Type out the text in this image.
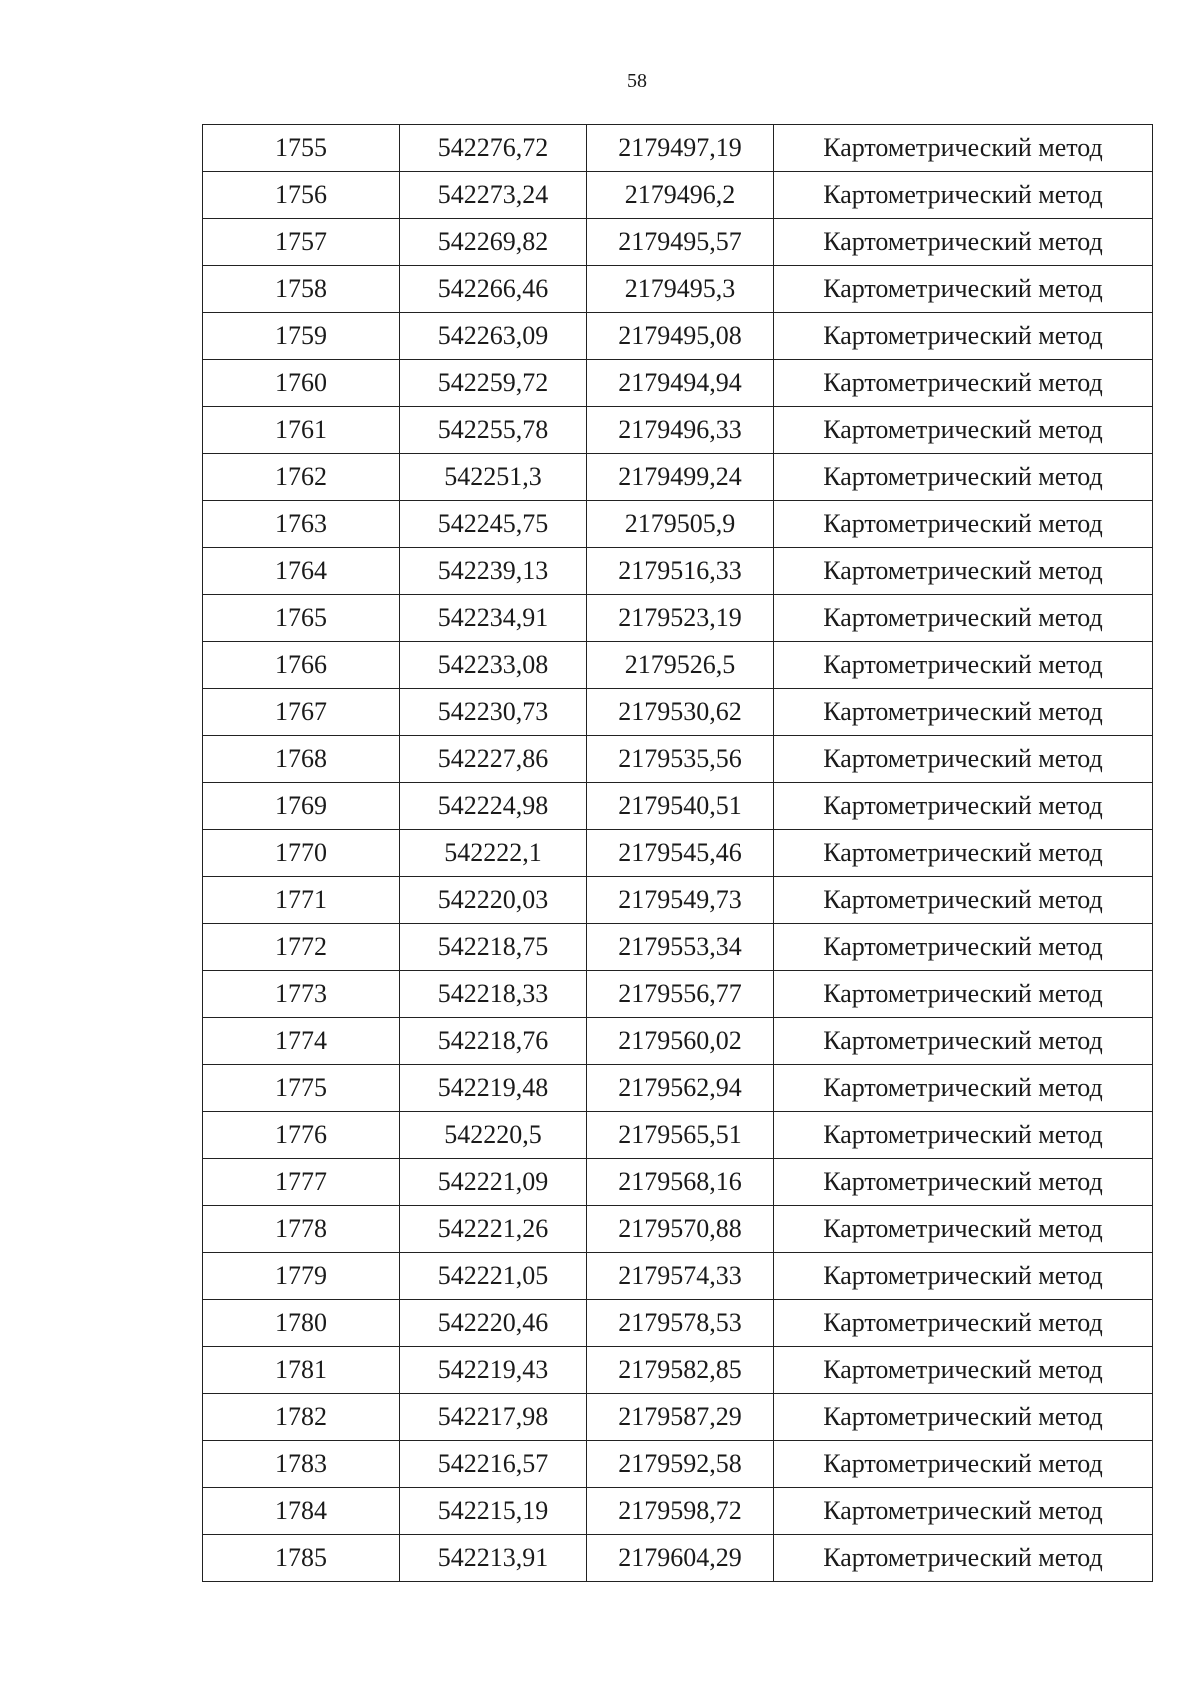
58
1755	542276,72	2179497,19	Картометрический метод
1756	542273,24	2179496,2	Картометрический метод
1757	542269,82	2179495,57	Картометрический метод
1758	542266,46	2179495,3	Картометрический метод
1759	542263,09	2179495,08	Картометрический метод
1760	542259,72	2179494,94	Картометрический метод
1761	542255,78	2179496,33	Картометрический метод
1762	542251,3	2179499,24	Картометрический метод
1763	542245,75	2179505,9	Картометрический метод
1764	542239,13	2179516,33	Картометрический метод
1765	542234,91	2179523,19	Картометрический метод
1766	542233,08	2179526,5	Картометрический метод
1767	542230,73	2179530,62	Картометрический метод
1768	542227,86	2179535,56	Картометрический метод
1769	542224,98	2179540,51	Картометрический метод
1770	542222,1	2179545,46	Картометрический метод
1771	542220,03	2179549,73	Картометрический метод
1772	542218,75	2179553,34	Картометрический метод
1773	542218,33	2179556,77	Картометрический метод
1774	542218,76	2179560,02	Картометрический метод
1775	542219,48	2179562,94	Картометрический метод
1776	542220,5	2179565,51	Картометрический метод
1777	542221,09	2179568,16	Картометрический метод
1778	542221,26	2179570,88	Картометрический метод
1779	542221,05	2179574,33	Картометрический метод
1780	542220,46	2179578,53	Картометрический метод
1781	542219,43	2179582,85	Картометрический метод
1782	542217,98	2179587,29	Картометрический метод
1783	542216,57	2179592,58	Картометрический метод
1784	542215,19	2179598,72	Картометрический метод
1785	542213,91	2179604,29	Картометрический метод
